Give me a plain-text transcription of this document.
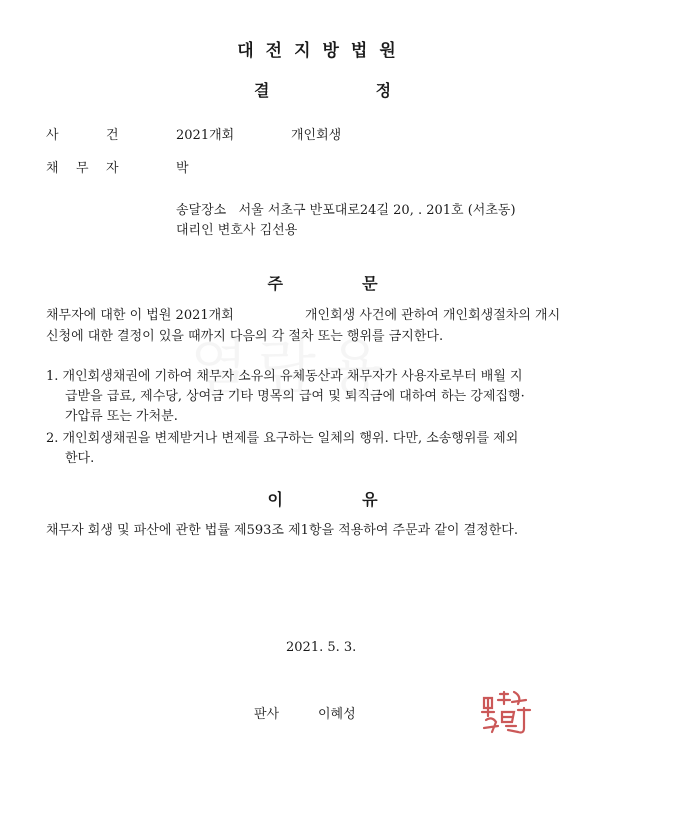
대전지방법원
결	정
사	건	2021개회	개인회생
채 무 자	박
송달장소   서울 서초구 반포대로24길 20, . 201호 (서초동)
대리인 변호사 김선용
주	문
채무자에 대한 이 법원 2021개회	개인회생 사건에 관하여 개인회생절차의 개시
신청에 대한 결정이 있을 때까지 다음의 각 절차 또는 행위를 금지한다.
1. 개인회생채권에 기하여 채무자 소유의 유체동산과 채무자가 사용자로부터 배월 지
급받을 급료, 제수당, 상여금 기타 명목의 급여 및 퇴직금에 대하여 하는 강제집행·
가압류 또는 가처분.
2. 개인회생채권을 변제받거나 변제를 요구하는 일체의 행위. 다만, 소송행위를 제외
한다.
이	유
채무자 회생 및 파산에 관한 법률 제593조 제1항을 적용하여 주문과 같이 결정한다.
2021. 5. 3.
판사	이혜성
